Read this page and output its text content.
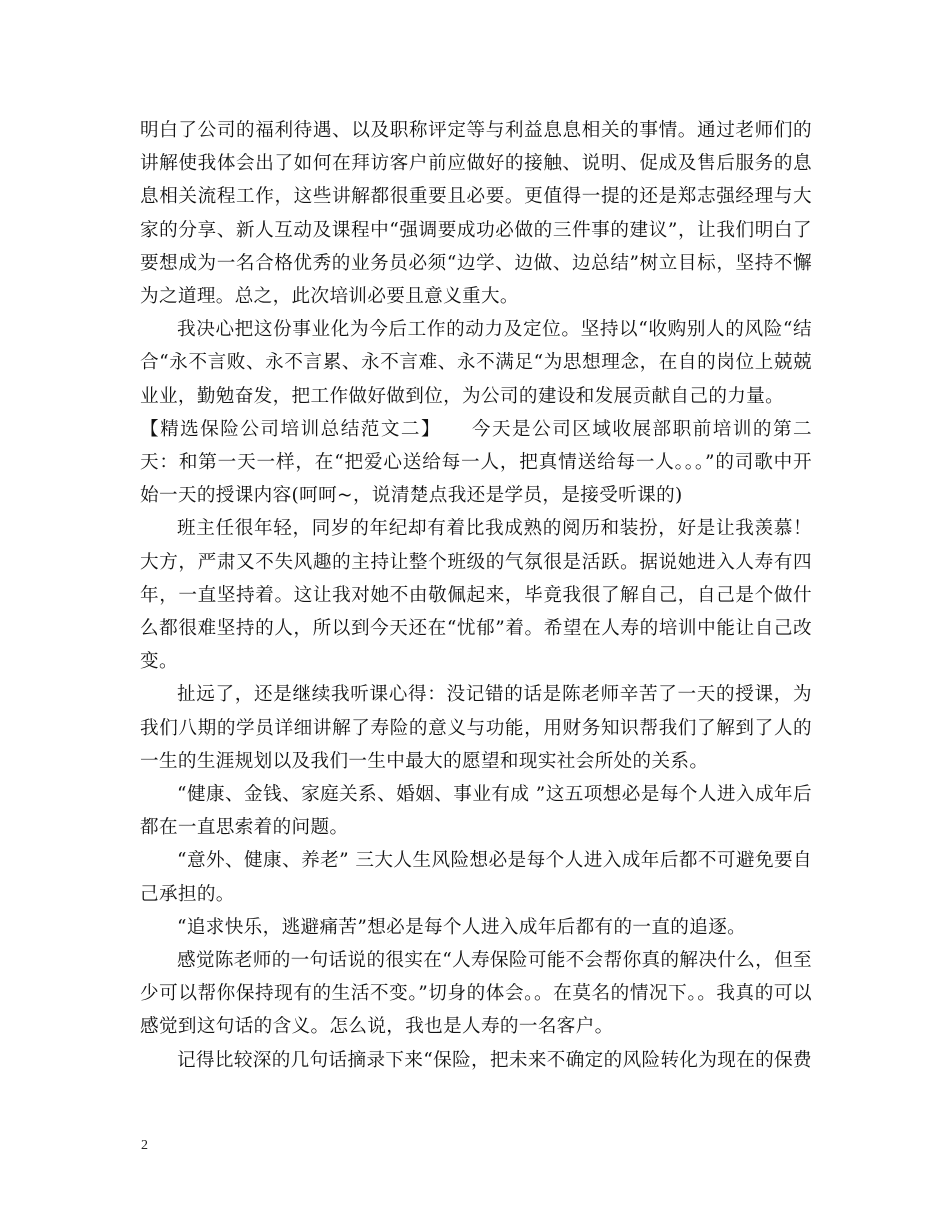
明白了公司的福利待遇、以及职称评定等与利益息息相关的事情。通过老师们的讲解使我体会出了如何在拜访客户前应做好的接触、说明、促成及售后服务的息息相关流程工作，这些讲解都很重要且必要。更值得一提的还是郑志强经理与大家的分享、新人互动及课程中“强调要成功必做的三件事的建议”，让我们明白了要想成为一名合格优秀的业务员必须“边学、边做、边总结”树立目标，坚持不懈为之道理。总之，此次培训必要且意义重大。

我决心把这份事业化为今后工作的动力及定位。坚持以“收购别人的风险“结合“永不言败、永不言累、永不言难、永不满足“为思想理念，在自的岗位上兢兢业业，勤勉奋发，把工作做好做到位，为公司的建设和发展贡献自己的力量。

【精选保险公司培训总结范文二】　　今天是公司区域收展部职前培训的第二天：和第一天一样，在“把爱心送给每一人，把真情送给每一人。。。”的司歌中开始一天的授课内容(呵呵~，说清楚点我还是学员，是接受听课的)

班主任很年轻，同岁的年纪却有着比我成熟的阅历和装扮，好是让我羡慕！大方，严肃又不失风趣的主持让整个班级的气氛很是活跃。据说她进入人寿有四年，一直坚持着。这让我对她不由敬佩起来，毕竟我很了解自己，自己是个做什么都很难坚持的人，所以到今天还在“忧郁”着。希望在人寿的培训中能让自己改变。

扯远了，还是继续我听课心得：没记错的话是陈老师辛苦了一天的授课，为我们八期的学员详细讲解了寿险的意义与功能，用财务知识帮我们了解到了人的一生的生涯规划以及我们一生中最大的愿望和现实社会所处的关系。

“健康、金钱、家庭关系、婚姻、事业有成 ”这五项想必是每个人进入成年后都在一直思索着的问题。

“意外、健康、养老” 三大人生风险想必是每个人进入成年后都不可避免要自己承担的。

“追求快乐，逃避痛苦”想必是每个人进入成年后都有的一直的追逐。

感觉陈老师的一句话说的很实在“人寿保险可能不会帮你真的解决什么，但至少可以帮你保持现有的生活不变。”切身的体会。。在莫名的情况下。。我真的可以感觉到这句话的含义。怎么说，我也是人寿的一名客户。

记得比较深的几句话摘录下来“保险，把未来不确定的风险转化为现在的保费

2
